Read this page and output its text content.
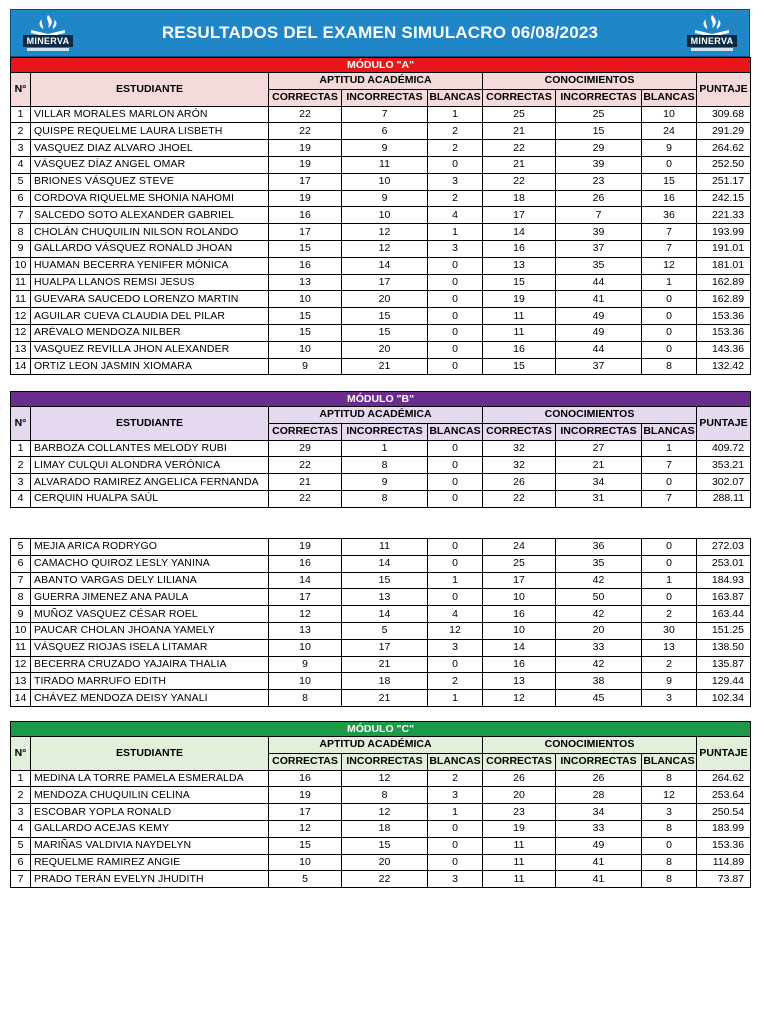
MINERVA	RESULTADOS DEL EXAMEN SIMULACRO 06/08/2023	MINERVA
MÓDULO "A"								
N°	ESTUDIANTE	APTITUD ACADÉMICA			CONOCIMIENTOS			PUNTAJE
		CORRECTAS	INCORRECTAS	BLANCAS	CORRECTAS	INCORRECTAS	BLANCAS	
1	VILLAR MORALES MARLON ARÓN	22	7	1	25	25	10	309.68
2	QUISPE REQUELME LAURA LISBETH	22	6	2	21	15	24	291.29
3	VASQUEZ DIAZ ALVARO JHOEL	19	9	2	22	29	9	264.62
4	VÁSQUEZ DÍAZ ANGEL OMAR	19	11	0	21	39	0	252.50
5	BRIONES VÁSQUEZ STEVE	17	10	3	22	23	15	251.17
6	CORDOVA RIQUELME SHONIA NAHOMI	19	9	2	18	26	16	242.15
7	SALCEDO SOTO ALEXANDER GABRIEL	16	10	4	17	7	36	221.33
8	CHOLÁN CHUQUILIN NILSON ROLANDO	17	12	1	14	39	7	193.99
9	GALLARDO VÁSQUEZ RONALD JHOAN	15	12	3	16	37	7	191.01
10	HUAMAN BECERRA YENIFER MÓNICA	16	14	0	13	35	12	181.01
11	HUALPA LLANOS REMSI JESUS	13	17	0	15	44	1	162.89
11	GUEVARA SAUCEDO LORENZO MARTIN	10	20	0	19	41	0	162.89
12	AGUILAR CUEVA CLAUDIA DEL PILAR	15	15	0	11	49	0	153.36
12	ARÉVALO MENDOZA NILBER	15	15	0	11	49	0	153.36
13	VASQUEZ REVILLA JHON ALEXANDER	10	20	0	16	44	0	143.36
14	ORTIZ LEON JASMIN XIOMARA	9	21	0	15	37	8	132.42
MÓDULO "B"								
N°	ESTUDIANTE	APTITUD ACADÉMICA			CONOCIMIENTOS			PUNTAJE
		CORRECTAS	INCORRECTAS	BLANCAS	CORRECTAS	INCORRECTAS	BLANCAS	
1	BARBOZA COLLANTES MELODY RUBI	29	1	0	32	27	1	409.72
2	LIMAY CULQUI ALONDRA VERÓNICA	22	8	0	32	21	7	353.21
3	ALVARADO RAMIREZ ANGELICA FERNANDA	21	9	0	26	34	0	302.07
4	CERQUIN HUALPA SAÚL	22	8	0	22	31	7	288.11
5	MEJIA ARICA RODRYGO	19	11	0	24	36	0	272.03
6	CAMACHO QUIROZ LESLY YANINA	16	14	0	25	35	0	253.01
7	ABANTO VARGAS DELY LILIANA	14	15	1	17	42	1	184.93
8	GUERRA JIMENEZ ANA PAULA	17	13	0	10	50	0	163.87
9	MUÑOZ VASQUEZ CÉSAR ROEL	12	14	4	16	42	2	163.44
10	PAUCAR CHOLAN JHOANA YAMELY	13	5	12	10	20	30	151.25
11	VÁSQUEZ RIOJAS ISELA LITAMAR	10	17	3	14	33	13	138.50
12	BECERRA CRUZADO YAJAIRA THALIA	9	21	0	16	42	2	135.87
13	TIRADO MARRUFO EDITH	10	18	2	13	38	9	129.44
14	CHÁVEZ MENDOZA DEISY YANALI	8	21	1	12	45	3	102.34
MÓDULO "C"								
N°	ESTUDIANTE	APTITUD ACADÉMICA			CONOCIMIENTOS			PUNTAJE
		CORRECTAS	INCORRECTAS	BLANCAS	CORRECTAS	INCORRECTAS	BLANCAS	
1	MEDINA LA TORRE PAMELA ESMERALDA	16	12	2	26	26	8	264.62
2	MENDOZA CHUQUILIN CELINA	19	8	3	20	28	12	253.64
3	ESCOBAR YOPLA RONALD	17	12	1	23	34	3	250.54
4	GALLARDO ACEJAS KEMY	12	18	0	19	33	8	183.99
5	MARIÑAS VALDIVIA NAYDELYN	15	15	0	11	49	0	153.36
6	REQUELME RAMIREZ ANGIE	10	20	0	11	41	8	114.89
7	PRADO TERÁN EVELYN JHUDITH	5	22	3	11	41	8	73.87
